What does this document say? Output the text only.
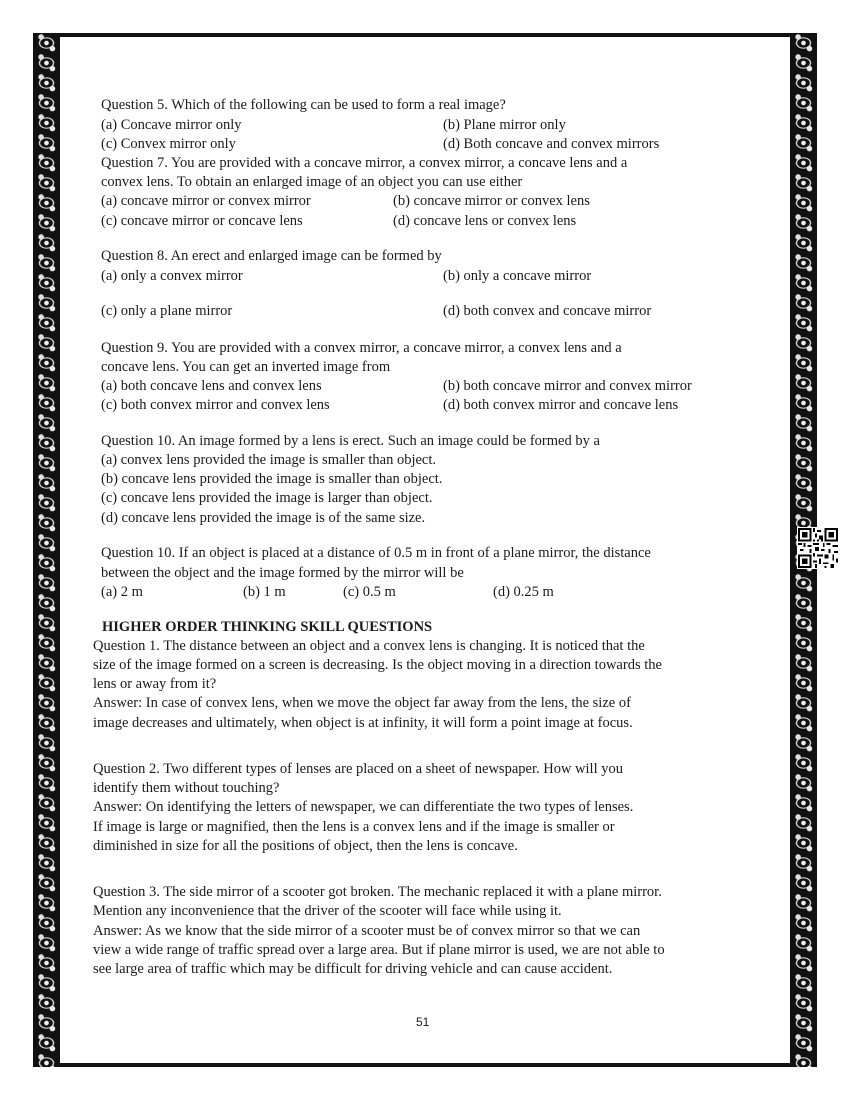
Question 5. Which of the following can be used to form a real image?
(a) Concave mirror only	(b) Plane mirror only
(c) Convex mirror only	(d) Both concave and convex mirrors
Question 7. You are provided with a concave mirror, a convex mirror, a concave lens and a
convex lens. To obtain an enlarged image of an object you can use either
(a) concave mirror or convex mirror	(b) concave mirror or convex lens
(c) concave mirror or concave lens	(d) concave lens or convex lens
Question 8. An erect and enlarged image can be formed by
(a) only a convex mirror	(b) only a concave mirror
(c) only a plane mirror	(d) both convex and concave mirror
Question 9. You are provided with a convex mirror, a concave mirror, a convex lens and a
concave lens. You can get an inverted image from
(a) both concave lens and convex lens	(b) both concave mirror and convex mirror
(c) both convex mirror and convex lens	(d) both convex mirror and concave lens
Question 10. An image formed by a lens is erect. Such an image could be formed by a
(a) convex lens provided the image is smaller than object.
(b) concave lens provided the image is smaller than object.
(c) concave lens provided the image is larger than object.
(d) concave lens provided the image is of the same size.
Question 10. If an object is placed at a distance of 0.5 m in front of a plane mirror, the distance
between the object and the image formed by the mirror will be
(a) 2 m	(b) 1 m	(c) 0.5 m	(d) 0.25 m
HIGHER ORDER THINKING SKILL QUESTIONS
Question 1. The distance between an object and a convex lens is changing. It is noticed that the
size of the image formed on a screen is decreasing. Is the object moving in a direction towards the
lens or away from it?
Answer: In case of convex lens, when we move the object far away from the lens, the size of
image decreases and ultimately, when object is at infinity, it will form a point image at focus.
Question 2. Two different types of lenses are placed on a sheet of newspaper. How will you
identify them without touching?
Answer: On identifying the letters of newspaper, we can differentiate the two types of lenses.
If image is large or magnified, then the lens is a convex lens and if the image is smaller or
diminished in size for all the positions of object, then the lens is concave.
Question 3. The side mirror of a scooter got broken. The mechanic replaced it with a plane mirror.
Mention any inconvenience that the driver of the scooter will face while using it.
Answer: As we know that the side mirror of a scooter must be of convex mirror so that we can
view a wide range of traffic spread over a large area. But if plane mirror is used, we are not able to
see large area of traffic which may be difficult for driving vehicle and can cause accident.
51
